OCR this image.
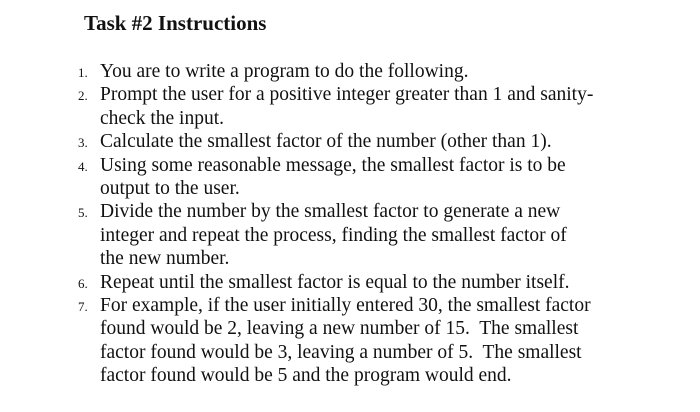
Task #2 Instructions
1. You are to write a program to do the following.
2. Prompt the user for a positive integer greater than 1 and sanity-
check the input.
3. Calculate the smallest factor of the number (other than 1).
4. Using some reasonable message, the smallest factor is to be
output to the user.
5. Divide the number by the smallest factor to generate a new
integer and repeat the process, finding the smallest factor of
the new number.
6. Repeat until the smallest factor is equal to the number itself.
7. For example, if the user initially entered 30, the smallest factor
found would be 2, leaving a new number of 15.  The smallest
factor found would be 3, leaving a number of 5.  The smallest
factor found would be 5 and the program would end.
